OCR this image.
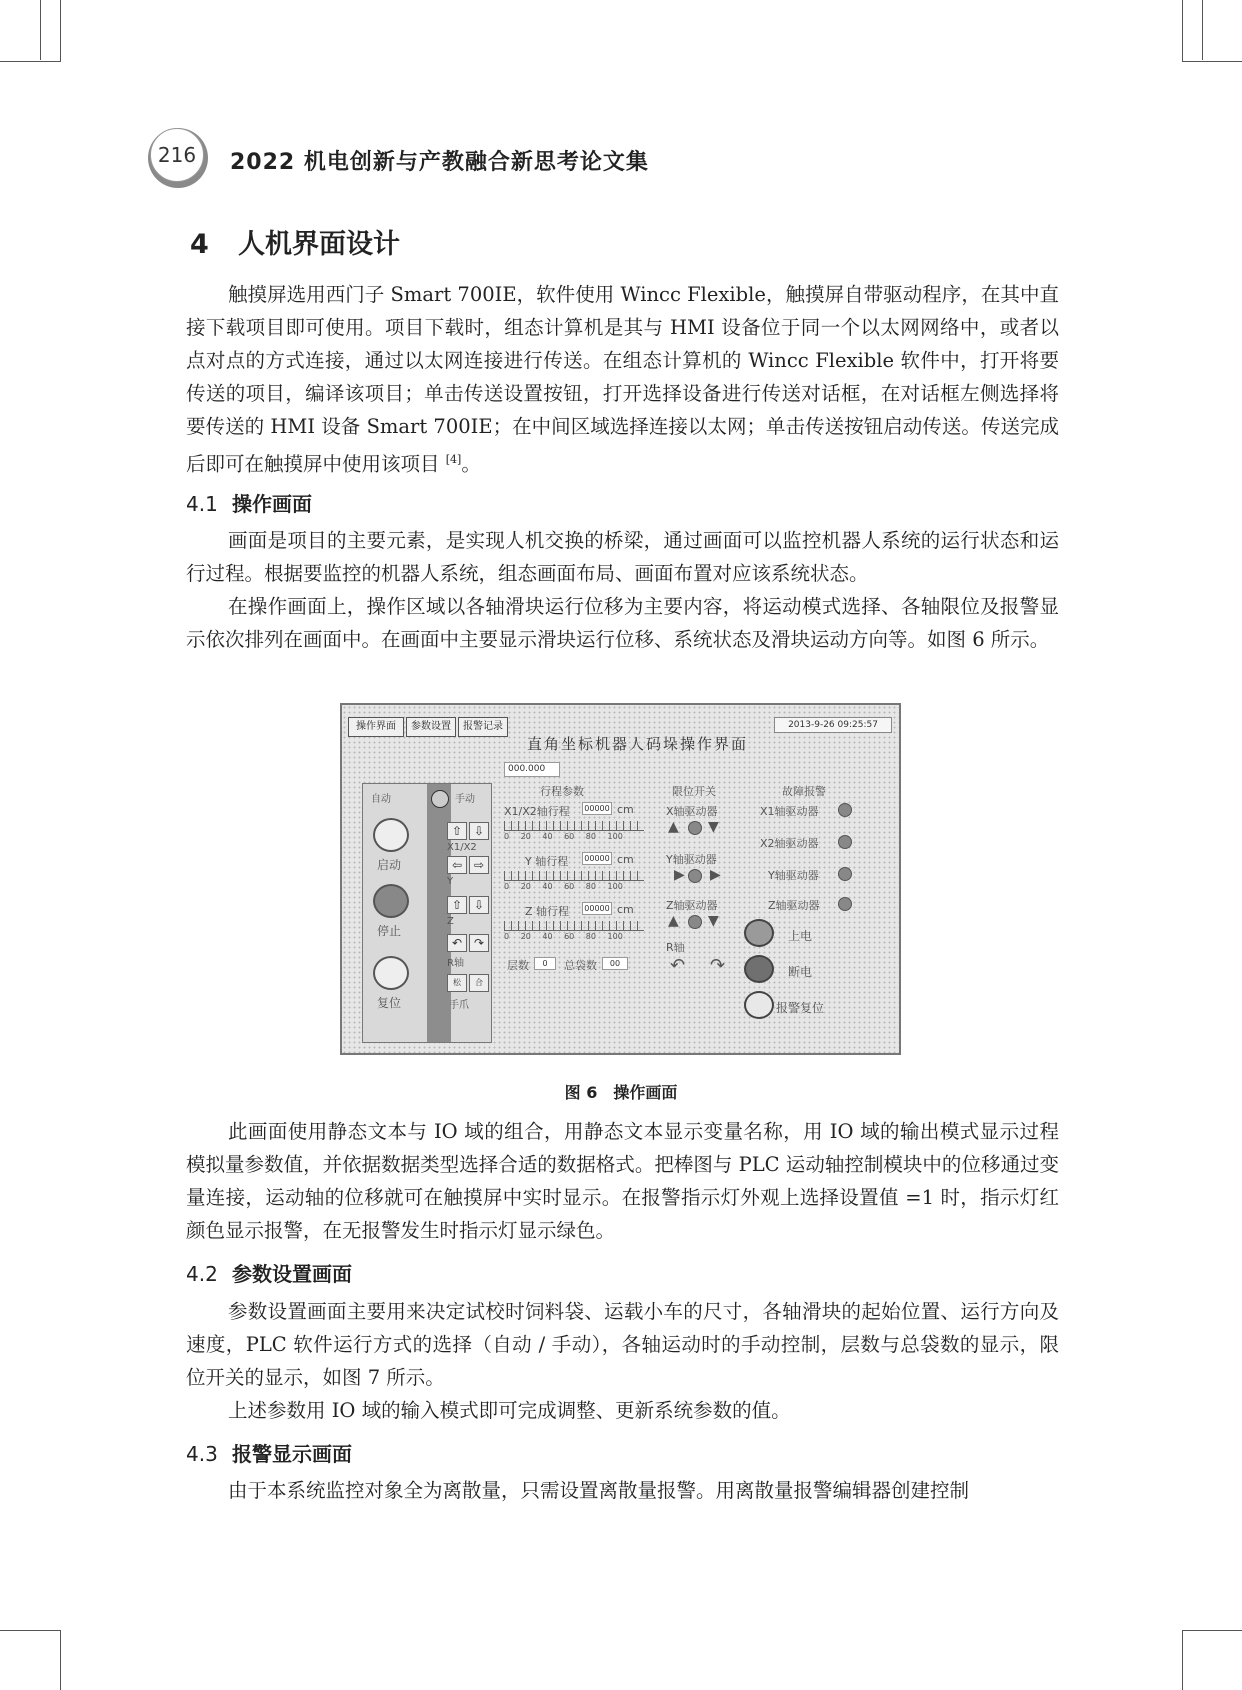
216	2022 机电创新与产教融合新思考论文集
4 人机界面设计

触摸屏选用西门子 Smart 700IE，软件使用 Wincc Flexible，触摸屏自带驱动程序，在其中直接下载项目即可使用。项目下载时，组态计算机是其与 HMI 设备位于同一个以太网网络中，或者以点对点的方式连接，通过以太网连接进行传送。在组态计算机的 Wincc Flexible 软件中，打开将要传送的项目，编译该项目；单击传送设置按钮，打开选择设备进行传送对话框，在对话框左侧选择将要传送的 HMI 设备 Smart 700IE；在中间区域选择连接以太网；单击传送按钮启动传送。传送完成后即可在触摸屏中使用该项目 [4]。

4.1 操作画面

画面是项目的主要元素，是实现人机交换的桥梁，通过画面可以监控机器人系统的运行状态和运行过程。根据要监控的机器人系统，组态画面布局、画面布置对应该系统状态。

在操作画面上，操作区域以各轴滑块运行位移为主要内容，将运动模式选择、各轴限位及报警显示依次排列在画面中。在画面中主要显示滑块运行位移、系统状态及滑块运动方向等。如图 6 所示。

操作界面	参数设置	报警记录
直角坐标机器人码垛操作界面
2013-9-26 09:25:57
000.000
自动	手动
启动
停止
复位
⇧ ⇩
X1/X2
⇦ ⇨
Y
⇧ ⇩
Z
↶ ↷
R轴
松	合
手爪
行程参数
X1/X2轴行程 00000 cm
0 20 40 60 80 100
Y 轴行程 00000 cm
0 20 40 60 80 100
Z 轴行程 00000 cm
0 20 40 60 80 100
层数	0	总袋数	00
限位开关
X轴驱动器
▲ ▼
Y轴驱动器
▶ ▶
Z轴驱动器
▲ ▼
R轴
↶ ↷
故障报警
X1轴驱动器
X2轴驱动器
Y轴驱动器
Z轴驱动器
上电
断电
报警复位
图 6　操作画面

此画面使用静态文本与 IO 域的组合，用静态文本显示变量名称，用 IO 域的输出模式显示过程模拟量参数值，并依据数据类型选择合适的数据格式。把棒图与 PLC 运动轴控制模块中的位移通过变量连接，运动轴的位移就可在触摸屏中实时显示。在报警指示灯外观上选择设置值 =1 时，指示灯红颜色显示报警，在无报警发生时指示灯显示绿色。

4.2 参数设置画面

参数设置画面主要用来决定试校时饲料袋、运载小车的尺寸，各轴滑块的起始位置、运行方向及速度，PLC 软件运行方式的选择（自动 / 手动），各轴运动时的手动控制，层数与总袋数的显示，限位开关的显示，如图 7 所示。

上述参数用 IO 域的输入模式即可完成调整、更新系统参数的值。

4.3 报警显示画面

由于本系统监控对象全为离散量，只需设置离散量报警。用离散量报警编辑器创建控制
